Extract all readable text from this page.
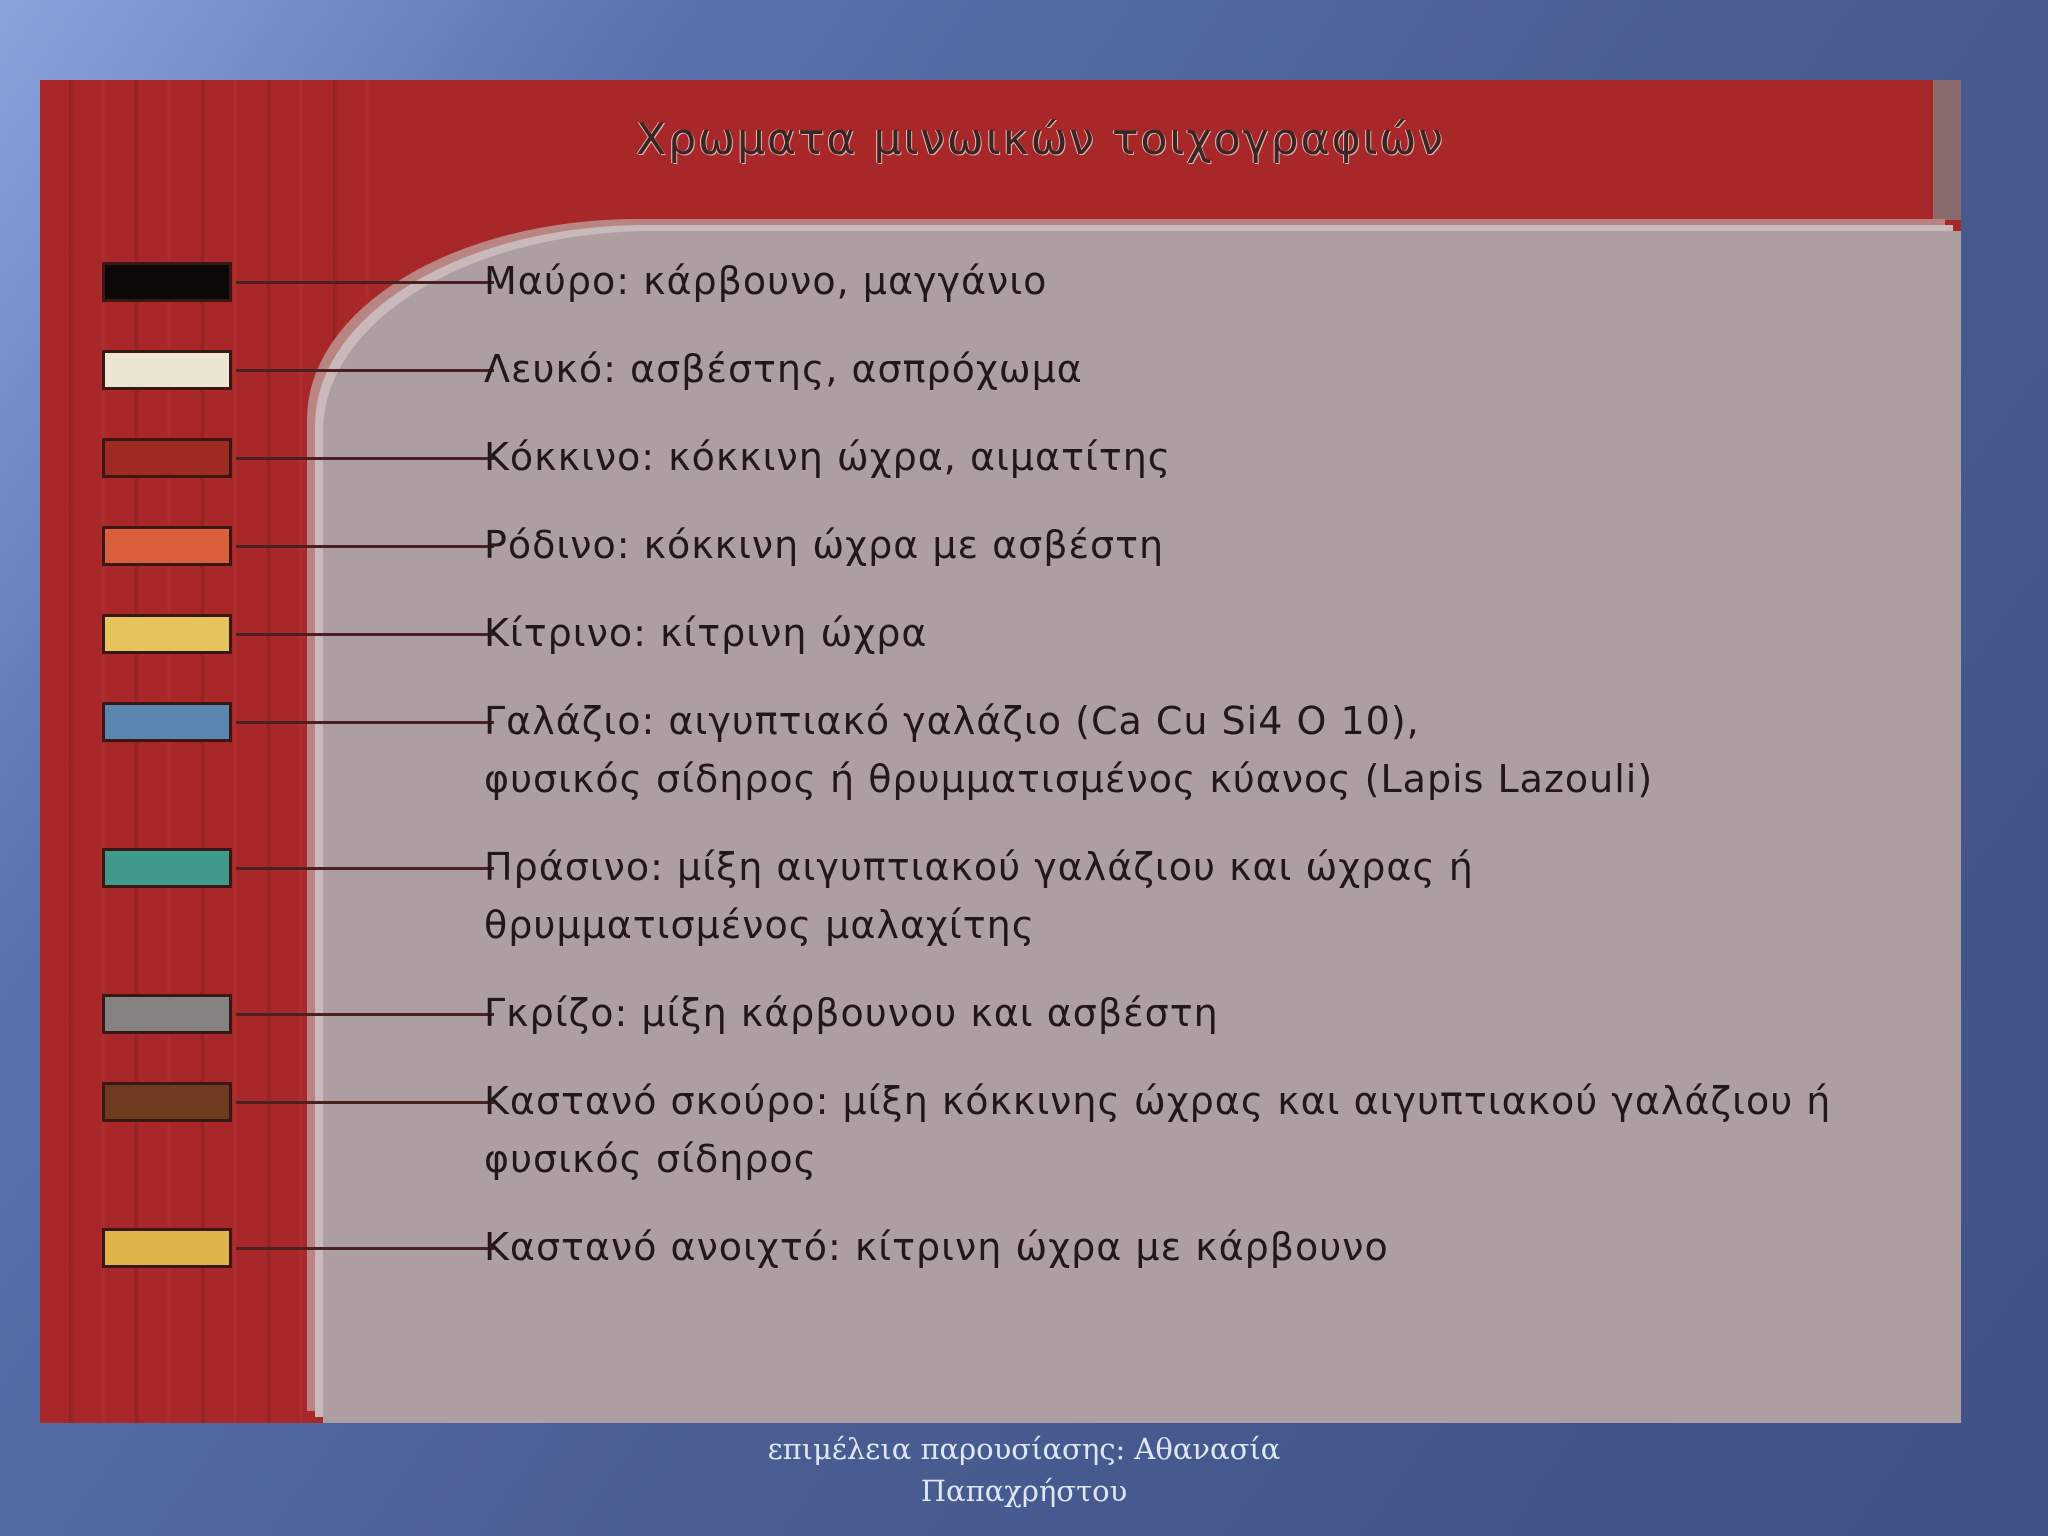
Χρωματα μινωικών τοιχογραφιών
Μαύρο: κάρβουνο, μαγγάνιο
Λευκό: ασβέστης, ασπρόχωμα
Κόκκινο: κόκκινη ώχρα, αιματίτης
Ρόδινο: κόκκινη ώχρα με ασβέστη
Κίτρινο: κίτρινη ώχρα
Γαλάζιο: αιγυπτιακό γαλάζιο (Ca Cu Si4 O 10),
φυσικός σίδηρος ή θρυμματισμένος κύανος (Lapis Lazouli)
Πράσινο: μίξη αιγυπτιακού γαλάζιου και ώχρας ή
θρυμματισμένος μαλαχίτης
Γκρίζο: μίξη κάρβουνου και ασβέστη
Καστανό σκούρο: μίξη κόκκινης ώχρας και αιγυπτιακού γαλάζιου ή
φυσικός σίδηρος
Καστανό ανοιχτό: κίτρινη ώχρα με κάρβουνο
επιμέλεια παρουσίασης: Αθανασία
Παπαχρήστου
